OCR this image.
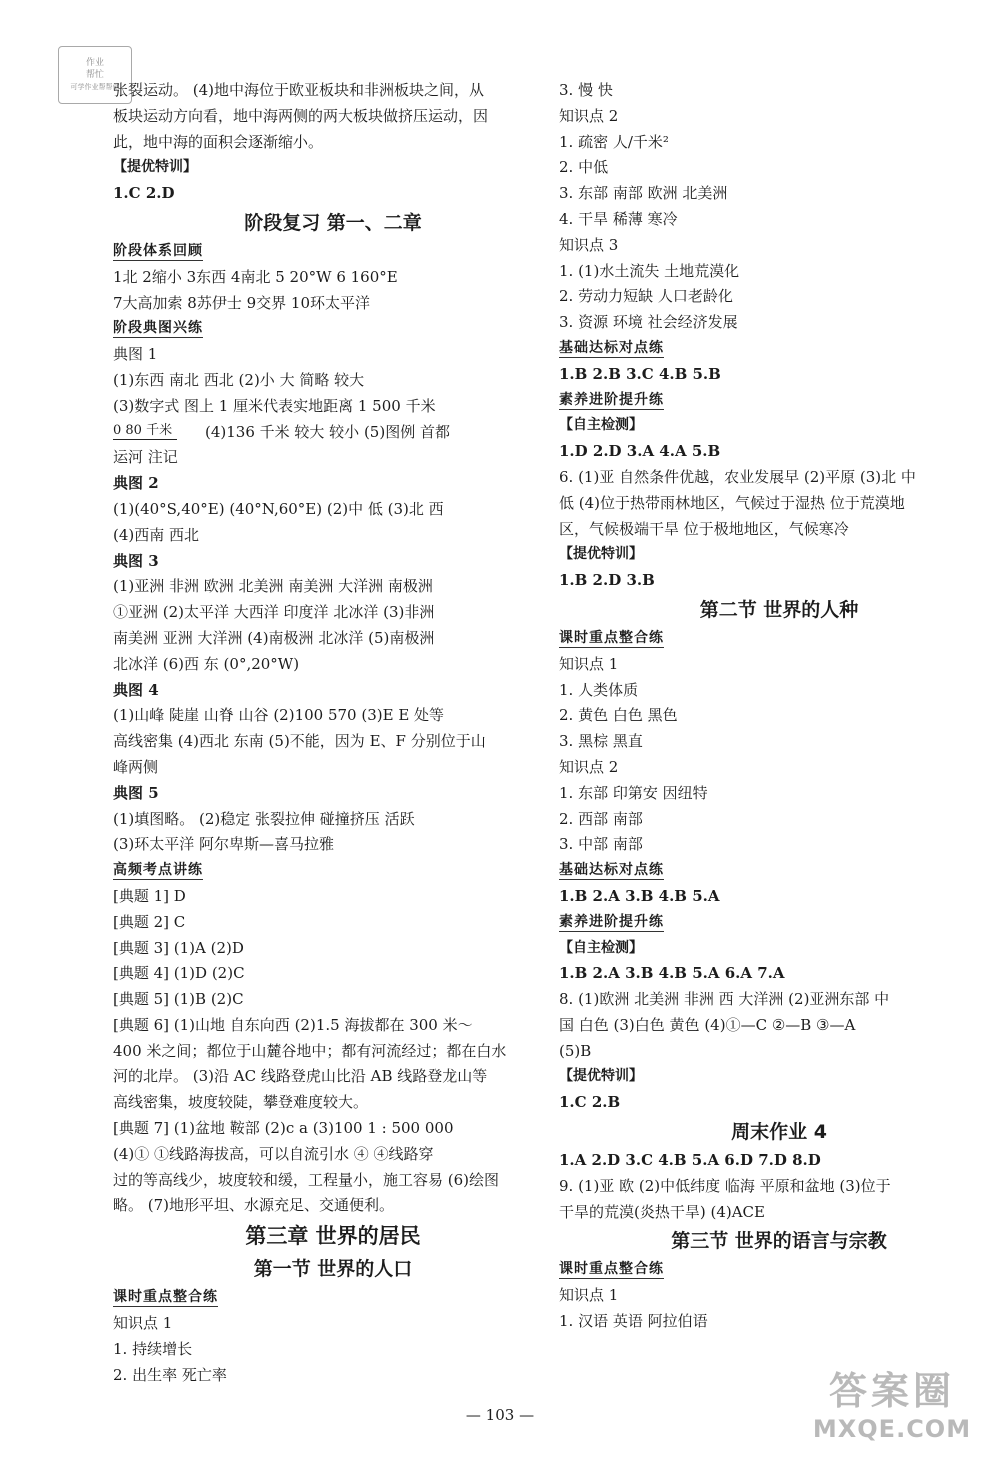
作业
帮忙
可学作业帮帮你
张裂运动。 (4)地中海位于欧亚板块和非洲板块之间，从
板块运动方向看，地中海两侧的两大板块做挤压运动，因
此，地中海的面积会逐渐缩小。
【提优特训】
1.C 2.D
阶段复习 第一、二章
阶段体系回顾
1北 2缩小 3东西 4南北 5 20°W 6 160°E
7大高加索 8苏伊士 9交界 10环太平洋
阶段典图兴练
典图 1
(1)东西 南北 西北 (2)小 大 简略 较大
(3)数字式 图上 1 厘米代表实地距离 1 500 千米
0 80 千米	(4)136 千米 较大 较小 (5)图例 首都
运河 注记
典图 2
(1)(40°S,40°E) (40°N,60°E) (2)中 低 (3)北 西
(4)西南 西北
典图 3
(1)亚洲 非洲 欧洲 北美洲 南美洲 大洋洲 南极洲
①亚洲 (2)太平洋 大西洋 印度洋 北冰洋 (3)非洲
南美洲 亚洲 大洋洲 (4)南极洲 北冰洋 (5)南极洲
北冰洋 (6)西 东 (0°,20°W)
典图 4
(1)山峰 陡崖 山脊 山谷 (2)100 570 (3)E E 处等
高线密集 (4)西北 东南 (5)不能，因为 E、F 分别位于山
峰两侧
典图 5
(1)填图略。 (2)稳定 张裂拉伸 碰撞挤压 活跃
(3)环太平洋 阿尔卑斯—喜马拉雅
高频考点讲练
[典题 1] D
[典题 2] C
[典题 3] (1)A (2)D
[典题 4] (1)D (2)C
[典题 5] (1)B (2)C
[典题 6] (1)山地 自东向西 (2)1.5 海拔都在 300 米～
400 米之间；都位于山麓谷地中；都有河流经过；都在白水
河的北岸。 (3)沿 AC 线路登虎山比沿 AB 线路登龙山等
高线密集，坡度较陡，攀登难度较大。
[典题 7] (1)盆地 鞍部 (2)c a (3)100 1 : 500 000
(4)① ①线路海拔高，可以自流引水 ④ ④线路穿
过的等高线少，坡度较和缓，工程量小，施工容易 (6)绘图
略。 (7)地形平坦、水源充足、交通便利。
第三章 世界的居民
第一节 世界的人口
课时重点整合练
知识点 1
1. 持续增长
2. 出生率 死亡率
3. 慢 快
知识点 2
1. 疏密 人/千米²
2. 中低
3. 东部 南部 欧洲 北美洲
4. 干旱 稀薄 寒冷
知识点 3
1. (1)水土流失 土地荒漠化
2. 劳动力短缺 人口老龄化
3. 资源 环境 社会经济发展
基础达标对点练
1.B 2.B 3.C 4.B 5.B
素养进阶提升练
【自主检测】
1.D 2.D 3.A 4.A 5.B
6. (1)亚 自然条件优越，农业发展早 (2)平原 (3)北 中
低 (4)位于热带雨林地区，气候过于湿热 位于荒漠地
区，气候极端干旱 位于极地地区，气候寒冷
【提优特训】
1.B 2.D 3.B
第二节 世界的人种
课时重点整合练
知识点 1
1. 人类体质
2. 黄色 白色 黑色
3. 黑棕 黑直
知识点 2
1. 东部 印第安 因纽特
2. 西部 南部
3. 中部 南部
基础达标对点练
1.B 2.A 3.B 4.B 5.A
素养进阶提升练
【自主检测】
1.B 2.A 3.B 4.B 5.A 6.A 7.A
8. (1)欧洲 北美洲 非洲 西 大洋洲 (2)亚洲东部 中
国 白色 (3)白色 黄色 (4)①—C ②—B ③—A
(5)B
【提优特训】
1.C 2.B
周末作业 4
1.A 2.D 3.C 4.B 5.A 6.D 7.D 8.D
9. (1)亚 欧 (2)中低纬度 临海 平原和盆地 (3)位于
干旱的荒漠(炎热干旱) (4)ACE
第三节 世界的语言与宗教
课时重点整合练
知识点 1
1. 汉语 英语 阿拉伯语
— 103 —
答案圈
MXQE.COM
